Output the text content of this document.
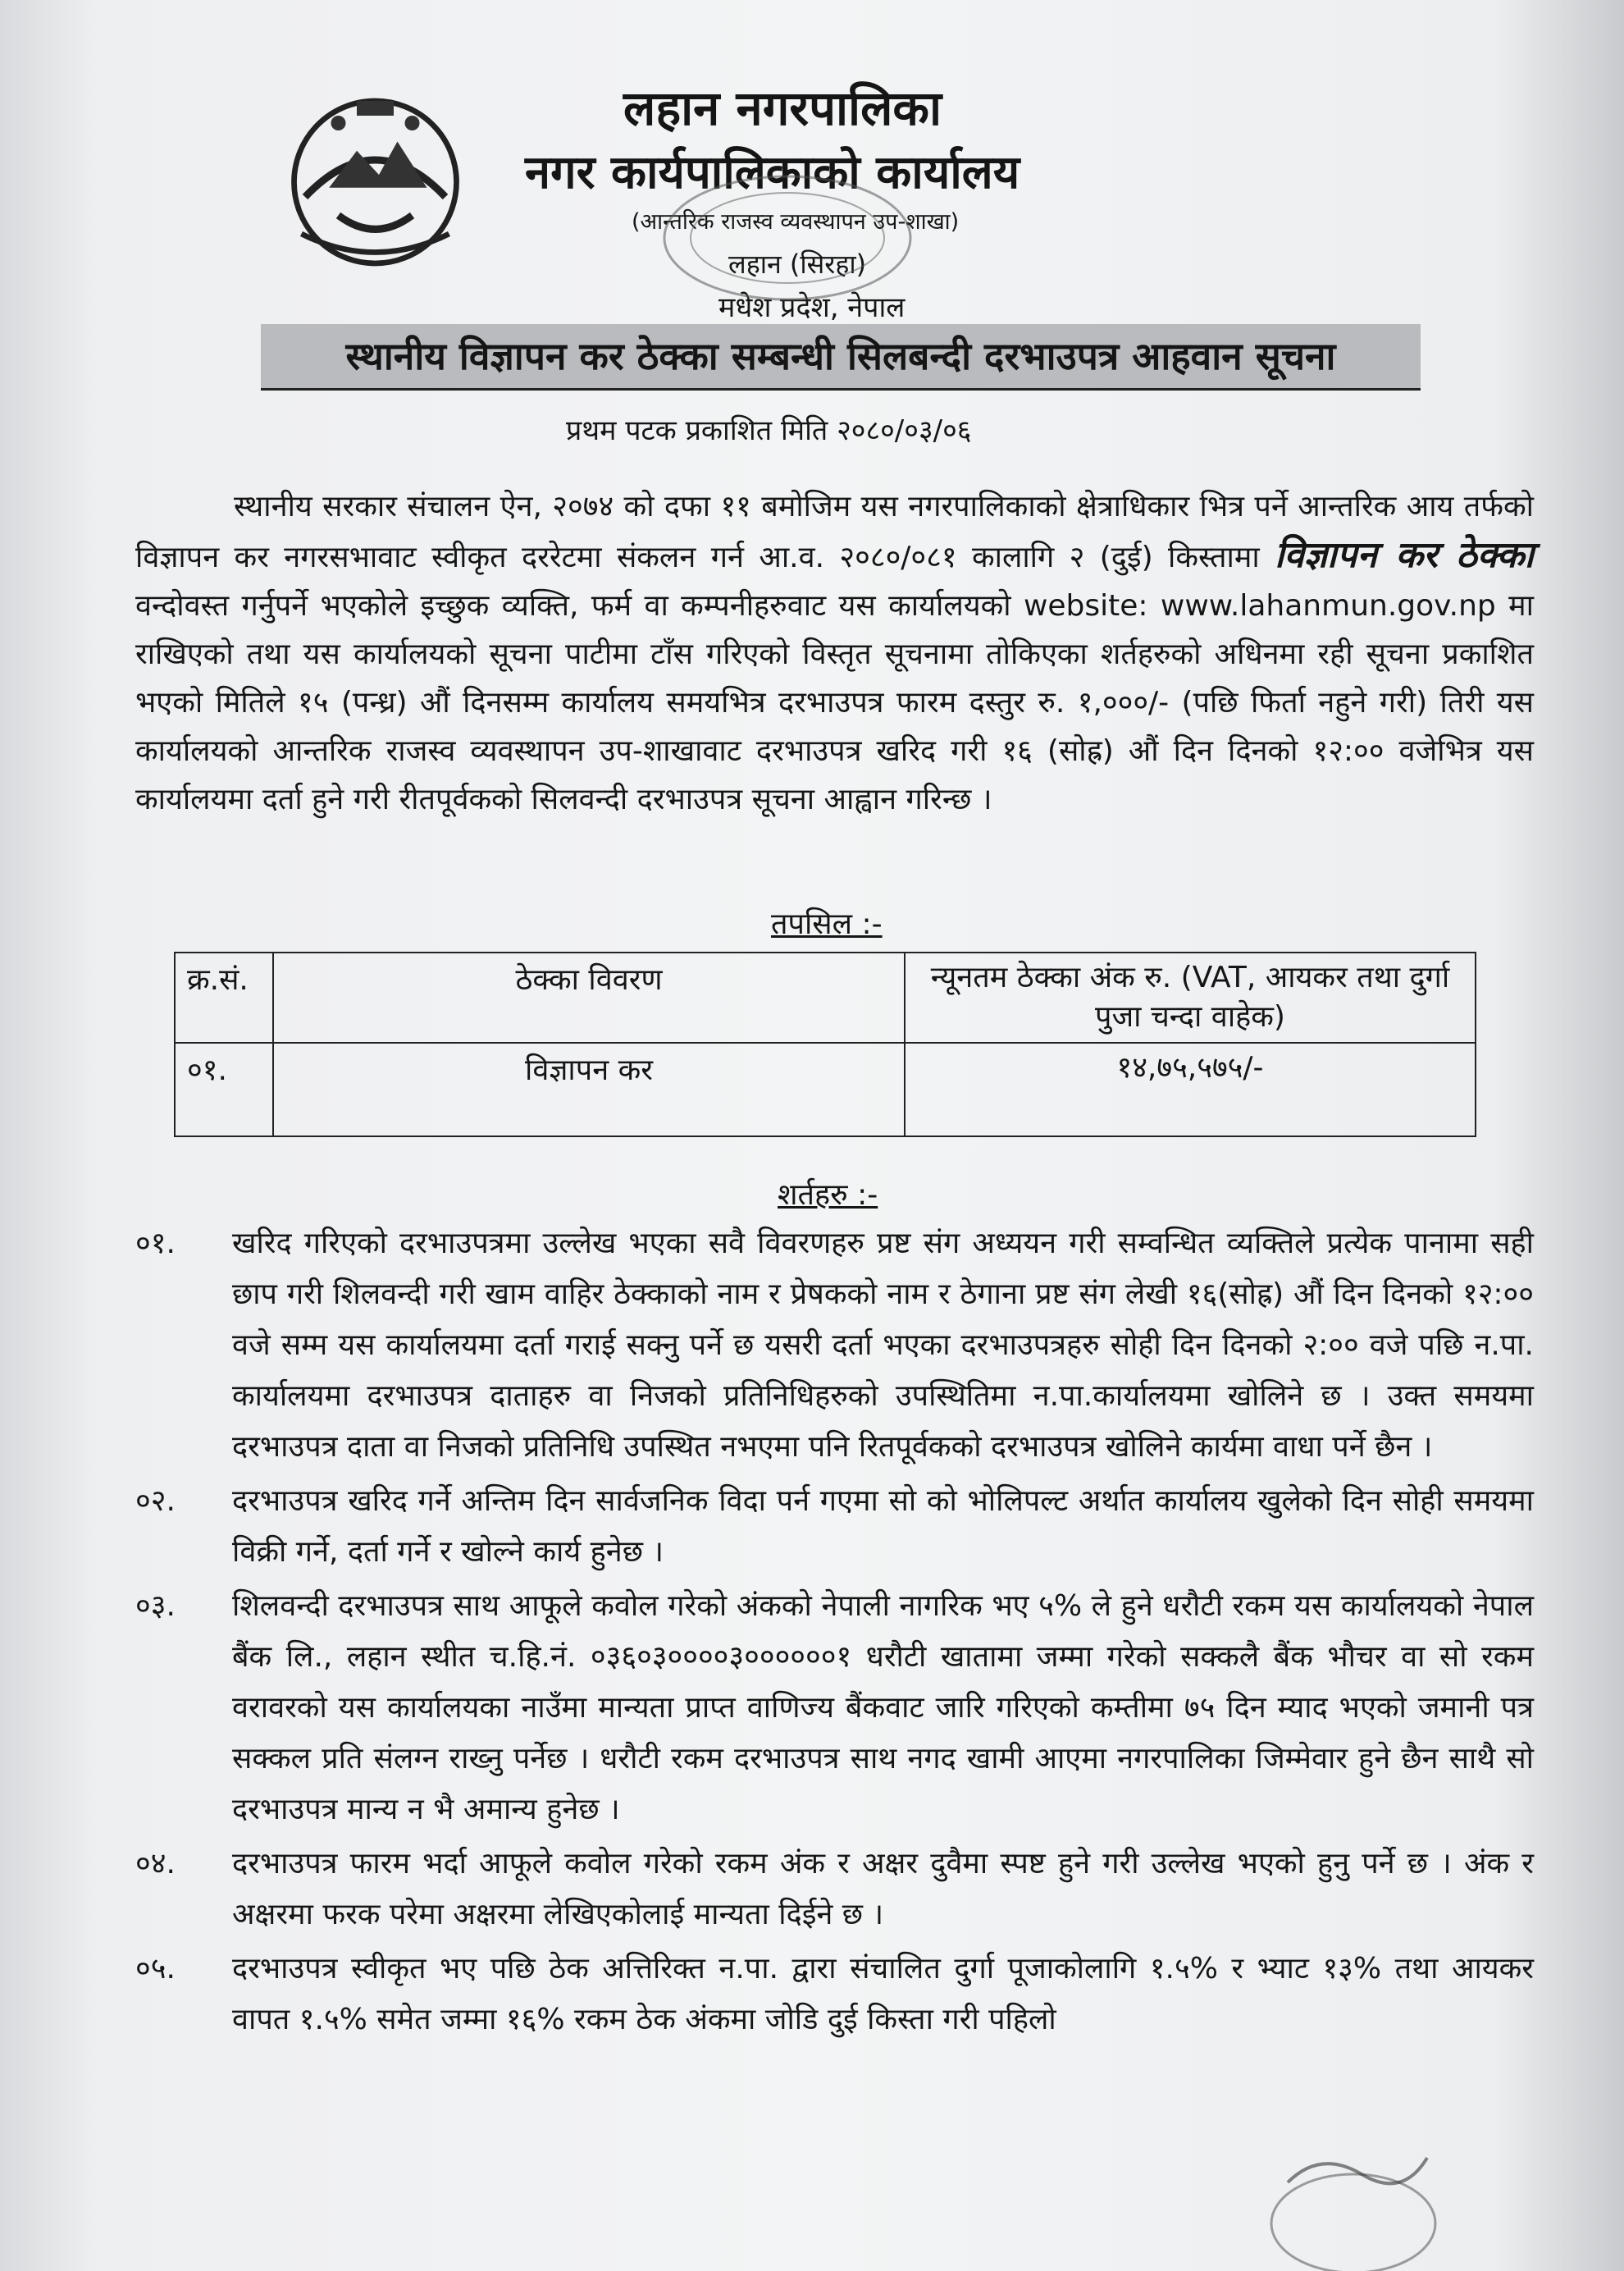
लहान नगरपालिका
नगर कार्यपालिकाको कार्यालय
(आन्तरिक राजस्व व्यवस्थापन उप-शाखा)
लहान (सिरहा)
मधेश प्रदेश, नेपाल
स्थानीय विज्ञापन कर ठेक्का सम्बन्धी सिलबन्दी दरभाउपत्र आहवान सूचना
प्रथम पटक प्रकाशित मिति २०८०/०३/०६

स्थानीय सरकार संचालन ऐन, २०७४ को दफा ११ बमोजिम यस नगरपालिकाको क्षेत्राधिकार भित्र पर्ने आन्तरिक आय तर्फको विज्ञापन कर नगरसभावाट स्वीकृत दररेटमा संकलन गर्न आ.व. २०८०/०८१ कालागि २ (दुई) किस्तामा विज्ञापन कर ठेक्का वन्दोवस्त गर्नुपर्ने भएकोले इच्छुक व्यक्ति, फर्म वा कम्पनीहरुवाट यस कार्यालयको website: www.lahanmun.gov.np मा राखिएको तथा यस कार्यालयको सूचना पाटीमा टाँस गरिएको विस्तृत सूचनामा तोकिएका शर्तहरुको अधिनमा रही सूचना प्रकाशित भएको मितिले १५ (पन्ध्र) औं दिनसम्म कार्यालय समयभित्र दरभाउपत्र फारम दस्तुर रु. १,०००/- (पछि फिर्ता नहुने गरी) तिरी यस कार्यालयको आन्तरिक राजस्व व्यवस्थापन उप-शाखावाट दरभाउपत्र खरिद गरी १६ (सोह्र) औं दिन दिनको १२:०० वजेभित्र यस कार्यालयमा दर्ता हुने गरी रीतपूर्वकको सिलवन्दी दरभाउपत्र सूचना आह्वान गरिन्छ ।

तपसिल :-
क्र.सं.	ठेक्का विवरण	न्यूनतम ठेक्का अंक रु. (VAT, आयकर तथा दुर्गा पुजा चन्दा वाहेक)
०१.	विज्ञापन कर	१४,७५,५७५/-
शर्तहरु :-
०१. खरिद गरिएको दरभाउपत्रमा उल्लेख भएका सवै विवरणहरु प्रष्ट संग अध्ययन गरी सम्वन्धित व्यक्तिले प्रत्येक पानामा सही छाप गरी शिलवन्दी गरी खाम वाहिर ठेक्काको नाम र प्रेषकको नाम र ठेगाना प्रष्ट संग लेखी १६(सोह्र) औं दिन दिनको १२:०० वजे सम्म यस कार्यालयमा दर्ता गराई सक्नु पर्ने छ यसरी दर्ता भएका दरभाउपत्रहरु सोही दिन दिनको २:०० वजे पछि न.पा. कार्यालयमा दरभाउपत्र दाताहरु वा निजको प्रतिनिधिहरुको उपस्थितिमा न.पा.कार्यालयमा खोलिने छ । उक्त समयमा दरभाउपत्र दाता वा निजको प्रतिनिधि उपस्थित नभएमा पनि रितपूर्वकको दरभाउपत्र खोलिने कार्यमा वाधा पर्ने छैन ।
०२. दरभाउपत्र खरिद गर्ने अन्तिम दिन सार्वजनिक विदा पर्न गएमा सो को भोलिपल्ट अर्थात कार्यालय खुलेको दिन सोही समयमा विक्री गर्ने, दर्ता गर्ने र खोल्ने कार्य हुनेछ ।
०३. शिलवन्दी दरभाउपत्र साथ आफूले कवोल गरेको अंकको नेपाली नागरिक भए ५% ले हुने धरौटी रकम यस कार्यालयको नेपाल बैंक लि., लहान स्थीत च.हि.नं. ०३६०३००००३००००००१ धरौटी खातामा जम्मा गरेको सक्कलै बैंक भौचर वा सो रकम वरावरको यस कार्यालयका नाउँमा मान्यता प्राप्त वाणिज्य बैंकवाट जारि गरिएको कम्तीमा ७५ दिन म्याद भएको जमानी पत्र सक्कल प्रति संलग्न राख्नु पर्नेछ । धरौटी रकम दरभाउपत्र साथ नगद खामी आएमा नगरपालिका जिम्मेवार हुने छैन साथै सो दरभाउपत्र मान्य न भै अमान्य हुनेछ ।
०४. दरभाउपत्र फारम भर्दा आफूले कवोल गरेको रकम अंक र अक्षर दुवैमा स्पष्ट हुने गरी उल्लेख भएको हुनु पर्ने छ । अंक र अक्षरमा फरक परेमा अक्षरमा लेखिएकोलाई मान्यता दिईने छ ।
०५. दरभाउपत्र स्वीकृत भए पछि ठेक अत्तिरिक्त न.पा. द्वारा संचालित दुर्गा पूजाकोलागि १.५% र भ्याट १३% तथा आयकर वापत १.५% समेत जम्मा १६% रकम ठेक अंकमा जोडि दुई किस्ता गरी पहिलो
